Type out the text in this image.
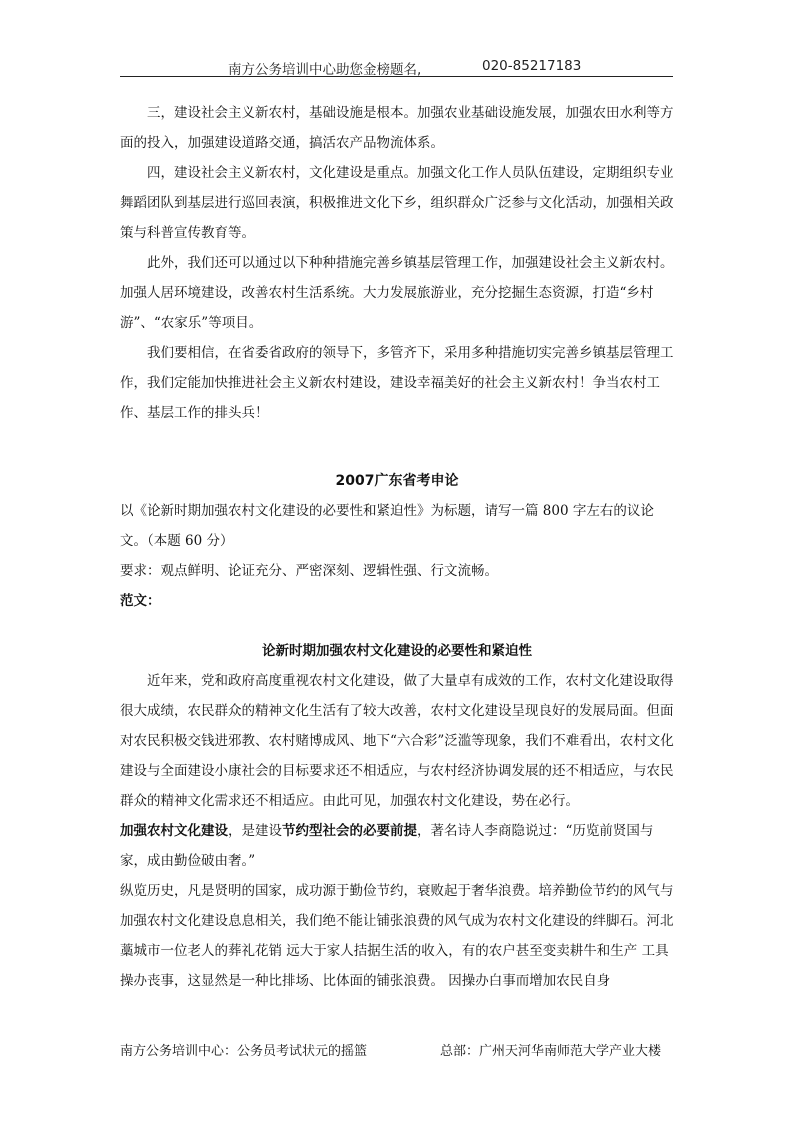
南方公务培训中心助您金榜题名,	020-85217183

三，建设社会主义新农村，基础设施是根本。加强农业基础设施发展，加强农田水利等方面的投入，加强建设道路交通，搞活农产品物流体系。

四，建设社会主义新农村，文化建设是重点。加强文化工作人员队伍建设，定期组织专业舞蹈团队到基层进行巡回表演，积极推进文化下乡，组织群众广泛参与文化活动，加强相关政策与科普宣传教育等。

此外，我们还可以通过以下种种措施完善乡镇基层管理工作，加强建设社会主义新农村。加强人居环境建设，改善农村生活系统。大力发展旅游业，充分挖掘生态资源，打造“乡村游”、“农家乐”等项目。

我们要相信，在省委省政府的领导下，多管齐下，采用多种措施切实完善乡镇基层管理工作，我们定能加快推进社会主义新农村建设，建设幸福美好的社会主义新农村！争当农村工作、基层工作的排头兵！

2007广东省考申论

以《论新时期加强农村文化建设的必要性和紧迫性》为标题，请写一篇 800 字左右的议论文。（本题 60 分）

要求：观点鲜明、论证充分、严密深刻、逻辑性强、行文流畅。

范文：

论新时期加强农村文化建设的必要性和紧迫性

近年来，党和政府高度重视农村文化建设，做了大量卓有成效的工作，农村文化建设取得很大成绩，农民群众的精神文化生活有了较大改善，农村文化建设呈现良好的发展局面。但面对农民积极交钱进邪教、农村赌博成风、地下“六合彩”泛滥等现象，我们不难看出，农村文化建设与全面建设小康社会的目标要求还不相适应，与农村经济协调发展的还不相适应，与农民群众的精神文化需求还不相适应。由此可见，加强农村文化建设，势在必行。

加强农村文化建设，是建设节约型社会的必要前提，著名诗人李商隐说过：“历览前贤国与家，成由勤俭破由奢。”

纵览历史，凡是贤明的国家，成功源于勤俭节约，衰败起于奢华浪费。培养勤俭节约的风气与加强农村文化建设息息相关，我们绝不能让铺张浪费的风气成为农村文化建设的绊脚石。河北藁城市一位老人的葬礼花销 远大于家人拮据生活的收入，有的农户甚至变卖耕牛和生产 工具操办丧事，这显然是一种比排场、比体面的铺张浪费。 因操办白事而增加农民自身

南方公务培训中心：公务员考试状元的摇篮	总部：广州天河华南师范大学产业大楼
